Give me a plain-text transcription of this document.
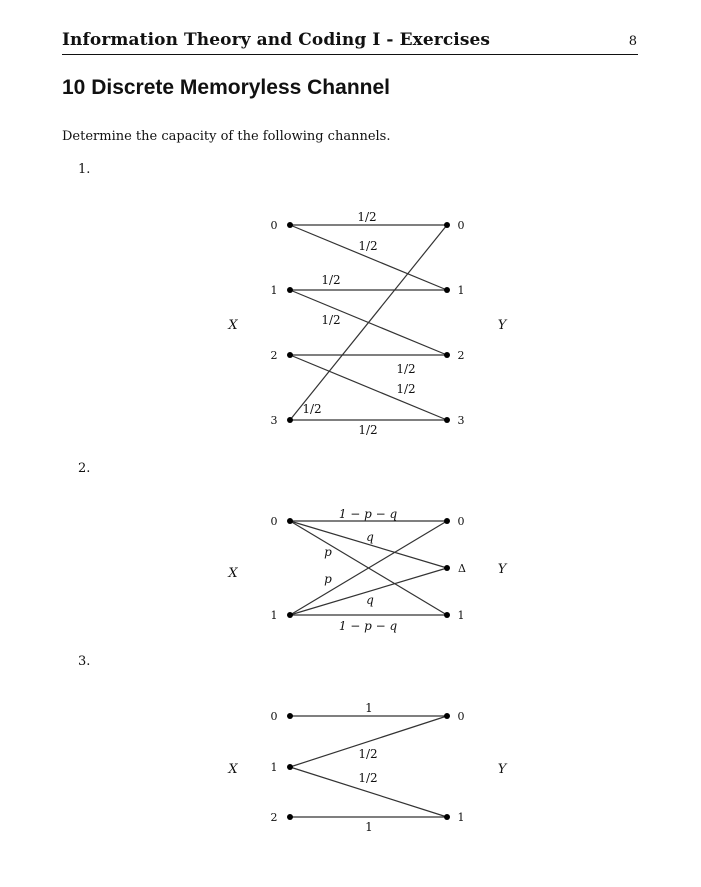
Information Theory and Coding I - Exercises	8
10 Discrete Memoryless Channel
Determine the capacity of the following channels.
1.
2.
3.
0
1
2
3
0
1
2
3
X	Y
1/2
1/2
1/2
1/2
1/2
1/2
1/2
1/2
0
1
0
Δ
1
X	Y
1 − p − q
q
p
p
q
1 − p − q
0
1
2
0
1
X	Y
1
1/2
1/2
1
